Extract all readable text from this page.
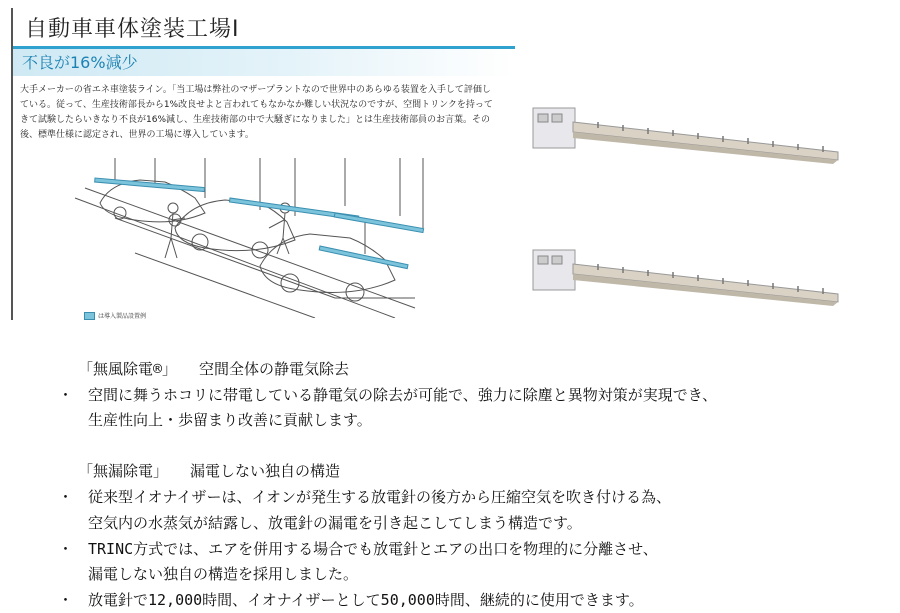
自動車車体塗装工場Ⅰ
不良が16%減少
大手メーカーの省エネ車塗装ライン。「当工場は弊社のマザープラントなので世界中のあらゆる装置を入手して評価している。従って、生産技術部長から1%改良せよと言われてもなかなか難しい状況なのですが、空間トリンクを持ってきて試験したらいきなり不良が16%減し、生産技術部の中で大騒ぎになりました」とは生産技術部員のお言葉。その後、標準仕様に認定され、世界の工場に導入しています。
は導入製品設置例
「無風除電®」 空間全体の静電気除去
・ 空間に舞うホコリに帯電している静電気の除去が可能で、強力に除塵と異物対策が実現でき、
生産性向上・歩留まり改善に貢献します。
「無漏除電」 漏電しない独自の構造
・ 従来型イオナイザーは、イオンが発生する放電針の後方から圧縮空気を吹き付ける為、
空気内の水蒸気が結露し、放電針の漏電を引き起こしてしまう構造です。
・ TRINC方式では、エアを併用する場合でも放電針とエアの出口を物理的に分離させ、
漏電しない独自の構造を採用しました。
・ 放電針で12,000時間、イオナイザーとして50,000時間、継続的に使用できます。
